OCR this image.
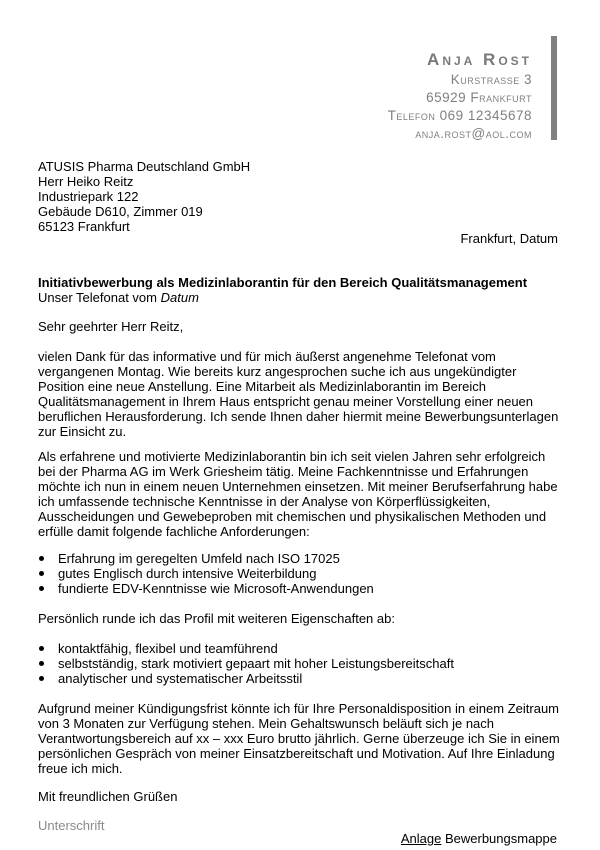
Anja Rost
Kurstrasse 3
65929 Frankfurt
Telefon 069 12345678
anja.rost@aol.com
ATUSIS Pharma Deutschland GmbH
Herr Heiko Reitz
Industriepark 122
Gebäude D610, Zimmer 019
65123 Frankfurt
Frankfurt, Datum
Initiativbewerbung als Medizinlaborantin für den Bereich Qualitätsmanagement
Unser Telefonat vom Datum
Sehr geehrter Herr Reitz,

vielen Dank für das informative und für mich äußerst angenehme Telefonat vom vergangenen Montag. Wie bereits kurz angesprochen suche ich aus ungekündigter Position eine neue Anstellung. Eine Mitarbeit als Medizinlaborantin im Bereich Qualitätsmanagement in Ihrem Haus entspricht genau meiner Vorstellung einer neuen beruflichen Herausforderung. Ich sende Ihnen daher hiermit meine Bewerbungsunterlagen zur Einsicht zu.

Als erfahrene und motivierte Medizinlaborantin bin ich seit vielen Jahren sehr erfolgreich bei der Pharma AG im Werk Griesheim tätig. Meine Fachkenntnisse und Erfahrungen möchte ich nun in einem neuen Unternehmen einsetzen. Mit meiner Berufserfahrung habe ich umfassende technische Kenntnisse in der Analyse von Körperflüssigkeiten, Ausscheidungen und Gewebeproben mit chemischen und physikalischen Methoden und erfülle damit folgende fachliche Anforderungen:

Erfahrung im geregelten Umfeld nach ISO 17025
gutes Englisch durch intensive Weiterbildung
fundierte EDV-Kenntnisse wie Microsoft-Anwendungen

Persönlich runde ich das Profil mit weiteren Eigenschaften ab:

kontaktfähig, flexibel und teamführend
selbstständig, stark motiviert gepaart mit hoher Leistungsbereitschaft
analytischer und systematischer Arbeitsstil

Aufgrund meiner Kündigungsfrist könnte ich für Ihre Personaldisposition in einem Zeitraum von 3 Monaten zur Verfügung stehen. Mein Gehaltswunsch beläuft sich je nach Verantwortungsbereich auf xx – xxx Euro brutto jährlich. Gerne überzeuge ich Sie in einem persönlichen Gespräch von meiner Einsatzbereitschaft und Motivation. Auf Ihre Einladung freue ich mich.

Mit freundlichen Grüßen
Unterschrift
Anlage Bewerbungsmappe
